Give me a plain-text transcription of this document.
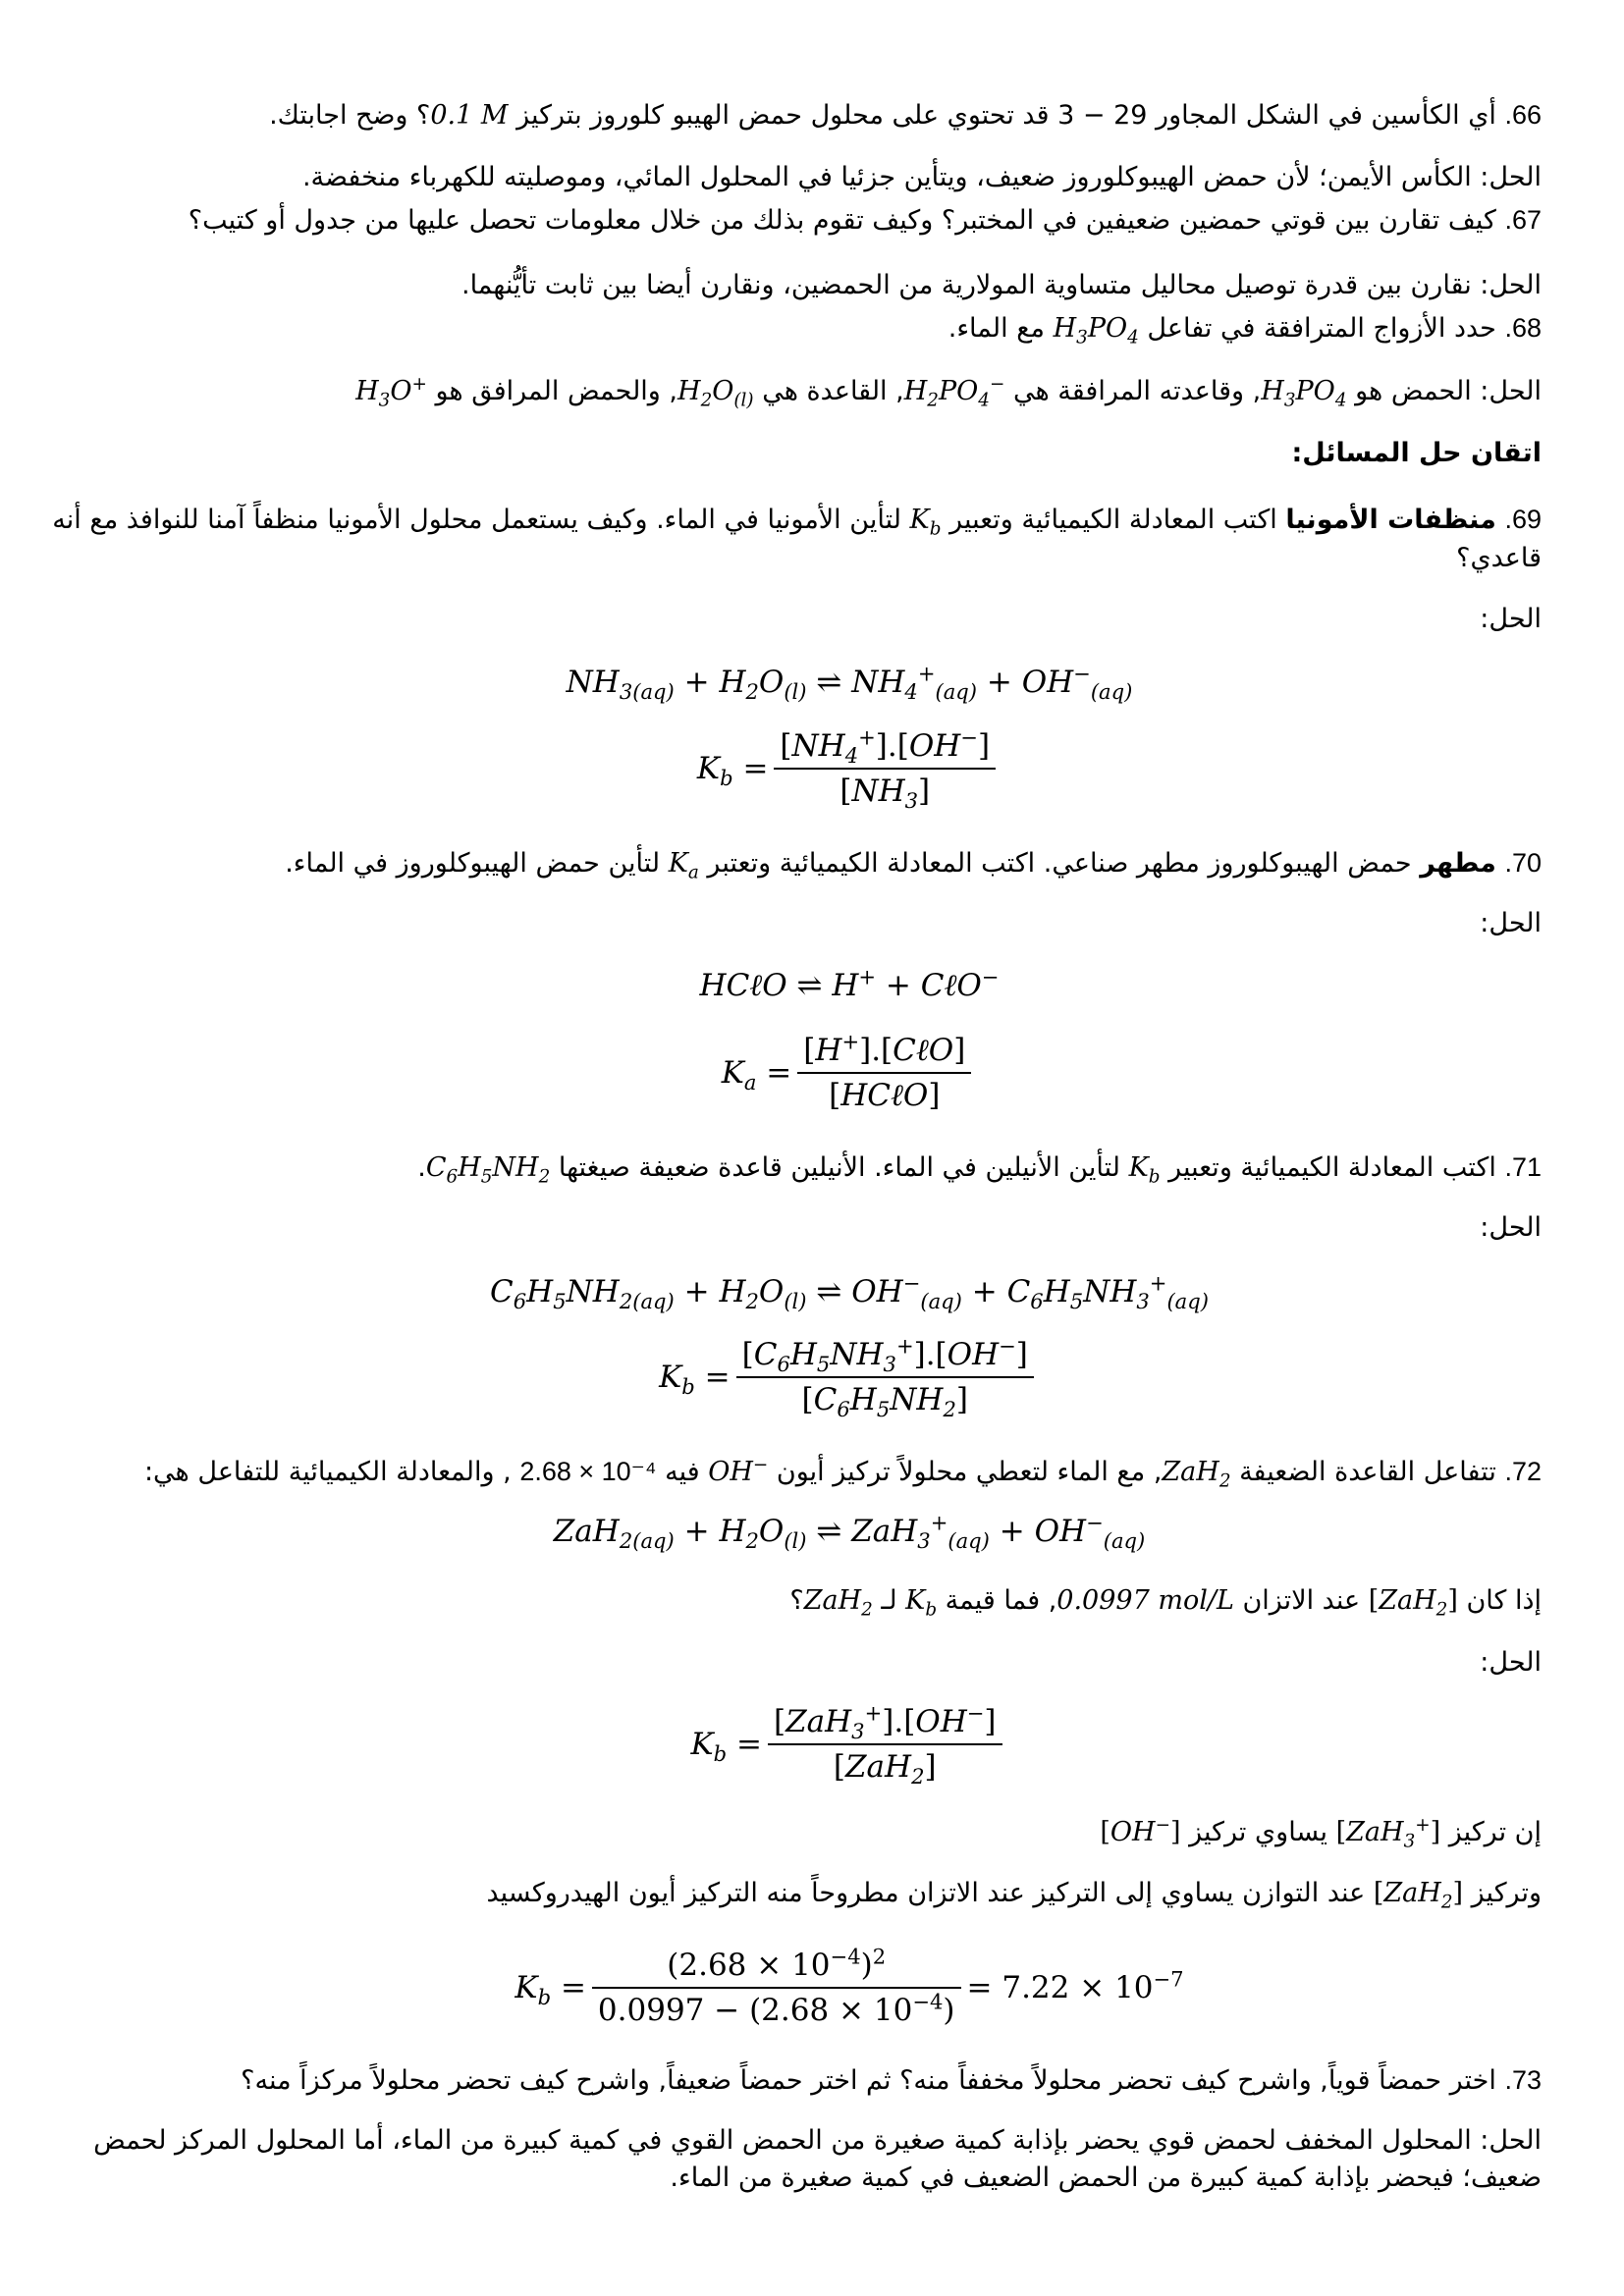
66. أي الكأسين في الشكل المجاور 29 − 3 قد تحتوي على محلول حمض الهيبو كلوروز بتركيز 0.1 M؟ وضح اجابتك.
الحل: الكأس الأيمن؛ لأن حمض الهيبوكلوروز ضعيف، ويتأين جزئيا في المحلول المائي، وموصليته للكهرباء منخفضة.
67. كيف تقارن بين قوتي حمضين ضعيفين في المختبر؟ وكيف تقوم بذلك من خلال معلومات تحصل عليها من جدول أو كتيب؟
الحل: نقارن بين قدرة توصيل محاليل متساوية المولارية من الحمضين، ونقارن أيضا بين ثابت تأيُّنهما.
68. حدد الأزواج المترافقة في تفاعل $H_3PO_4$ مع الماء.
الحل: الحمض هو $H_3PO_4$, وقاعدته المرافقة هي $H_2PO_4^-$, القاعدة هي $H_2O_{(l)}$, والحمض المرافق هو      $H_3O^+$
اتقان حل المسائل:
69. منظفات الأمونيا اكتب المعادلة الكيميائية وتعبير $K_b$ لتأين الأمونيا في الماء. وكيف يستعمل محلول الأمونيا منظفاً آمنا للنوافذ مع أنه
قاعدي؟
الحل:
$NH_{3(aq)} + H_2O_{(l)}$ ⇌ $NH_4^+_{(aq)} + OH^-_{(aq)}$
$K_b = \frac{[NH_4^+].[OH^-]}{[NH_3]}$
70. مطهر حمض الهيبوكلوروز مطهر صناعي. اكتب المعادلة الكيميائية وتعتبر $K_a$ لتأين حمض الهيبوكلوروز في الماء.
الحل:
HCℓO ⇌ H+ + CℓO−
$K_a = \frac{[H^+].[C\ell O]}{\text{[HCℓO]}}$
71. اكتب المعادلة الكيميائية وتعبير $K_b$ لتأين الأنيلين في الماء. الأنيلين قاعدة ضعيفة صيغتها $C_6H_5NH_2$.
الحل:
$C_6H_5NH_{2(aq)} + H_2O_{(l)}$ ⇌ $OH^-_{(aq)} + C_6H_5NH_3^+_{(aq)}$
$K_b = \frac{[C_6H_5NH_3^+].[OH^-]}{[C_6H_5NH_2]}$
72. تتفاعل القاعدة الضعيفة ZaH$_2$, مع الماء لتعطي محلولاً تركيز أيون OH− فيه 2.68 × 10⁻⁴ , والمعادلة الكيميائية للتفاعل هي:
$ZaH_{2(aq)} + H_2O_{(l)}$ ⇌ $ZaH_3^+_{(aq)} + OH^-_{(aq)}$
إذا كان [ZaH$_2$] عند الاتزان 0.0997 mol/L, فما قيمة $K_b$ لـ ZaH$_2$؟
الحل:
$K_b = \frac{[ZaH_3^+].[OH^-]}{[ZaH_2]}$
إن تركيز [ZaH$_3$+] يساوي تركيز [OH−]
وتركيز [ZaH$_2$] عند التوازن يساوي إلى التركيز عند الاتزان مطروحاً منه التركيز أيون الهيدروكسيد
$K_b = \frac{(2.68 \times 10^{-4})^2}{0.0997 - (2.68 \times 10^{-4})} = 7.22 \times 10^{-7}$
73. اختر حمضاً قوياً, واشرح كيف تحضر محلولاً مخففاً منه؟ ثم اختر حمضاً ضعيفاً, واشرح كيف تحضر محلولاً مركزاً منه؟
الحل: المحلول المخفف لحمض قوي يحضر بإذابة كمية صغيرة من الحمض القوي في كمية كبيرة من الماء، أما المحلول المركز لحمض
ضعيف؛ فيحضر بإذابة كمية كبيرة من الحمض الضعيف في كمية صغيرة من الماء.
